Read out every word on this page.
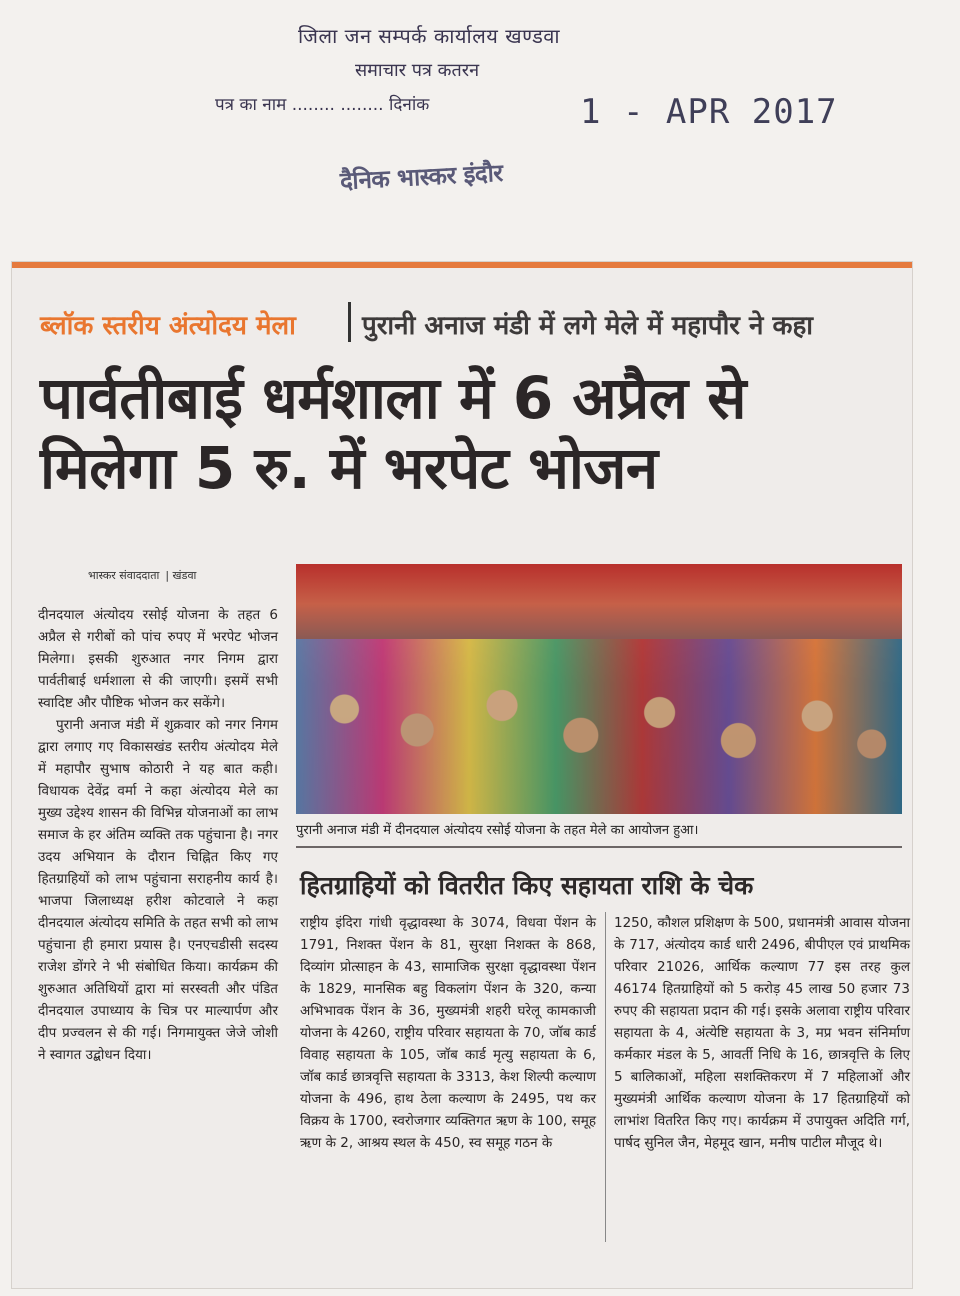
जिला जन सम्पर्क कार्यालय खण्डवा
समाचार पत्र कतरन
पत्र का नाम ........ ........ दिनांक	1 - APR 2017
दैनिक भास्कर इंदौर
ब्लॉक स्तरीय अंत्योदय मेला	पुरानी अनाज मंडी में लगे मेले में महापौर ने कहा
पार्वतीबाई धर्मशाला में 6 अप्रैल से मिलेगा 5 रु. में भरपेट भोजन
भास्कर संवाददाता | खंडवा
पुरानी अनाज मंडी में दीनदयाल अंत्योदय रसोई योजना के तहत मेले का आयोजन हुआ।

दीनदयाल अंत्योदय रसोई योजना के तहत 6 अप्रैल से गरीबों को पांच रुपए में भरपेट भोजन मिलेगा। इसकी शुरुआत नगर निगम द्वारा पार्वतीबाई धर्मशाला से की जाएगी। इसमें सभी स्वादिष्ट और पौष्टिक भोजन कर सकेंगे।

पुरानी अनाज मंडी में शुक्रवार को नगर निगम द्वारा लगाए गए विकासखंड स्तरीय अंत्योदय मेले में महापौर सुभाष कोठारी ने यह बात कही। विधायक देवेंद्र वर्मा ने कहा अंत्योदय मेले का मुख्य उद्देश्य शासन की विभिन्न योजनाओं का लाभ समाज के हर अंतिम व्यक्ति तक पहुंचाना है। नगर उदय अभियान के दौरान चिह्नित किए गए हितग्राहियों को लाभ पहुंचाना सराहनीय कार्य है। भाजपा जिलाध्यक्ष हरीश कोटवाले ने कहा दीनदयाल अंत्योदय समिति के तहत सभी को लाभ पहुंचाना ही हमारा प्रयास है। एनएचडीसी सदस्य राजेश डोंगरे ने भी संबोधित किया। कार्यक्रम की शुरुआत अतिथियों द्वारा मां सरस्वती और पंडित दीनदयाल उपाध्याय के चित्र पर माल्यार्पण और दीप प्रज्वलन से की गई। निगमायुक्त जेजे जोशी ने स्वागत उद्बोधन दिया।

हितग्राहियों को वितरीत किए सहायता राशि के चेक
राष्ट्रीय इंदिरा गांधी वृद्धावस्था के 3074, विधवा पेंशन के 1791, निशक्त पेंशन के 81, सुरक्षा निशक्त के 868, दिव्यांग प्रोत्साहन के 43, सामाजिक सुरक्षा वृद्धावस्था पेंशन के 1829, मानसिक बहु विकलांग पेंशन के 320, कन्या अभिभावक पेंशन के 36, मुख्यमंत्री शहरी घरेलू कामकाजी योजना के 4260, राष्ट्रीय परिवार सहायता के 70, जॉब कार्ड विवाह सहायता के 105, जॉब कार्ड मृत्यु सहायता के 6, जॉब कार्ड छात्रवृत्ति सहायता के 3313, केश शिल्पी कल्याण योजना के 496, हाथ ठेला कल्याण के 2495, पथ कर विक्रय के 1700, स्वरोजगार व्यक्तिगत ऋण के 100, समूह ऋण के 2, आश्रय स्थल के 450, स्व समूह गठन के
1250, कौशल प्रशिक्षण के 500, प्रधानमंत्री आवास योजना के 717, अंत्योदय कार्ड धारी 2496, बीपीएल एवं प्राथमिक परिवार 21026, आर्थिक कल्याण 77 इस तरह कुल 46174 हितग्राहियों को 5 करोड़ 45 लाख 50 हजार 73 रुपए की सहायता प्रदान की गई। इसके अलावा राष्ट्रीय परिवार सहायता के 4, अंत्येष्टि सहायता के 3, मप्र भवन संनिर्माण कर्मकार मंडल के 5, आवर्ती निधि के 16, छात्रवृत्ति के लिए 5 बालिकाओं, महिला सशक्तिकरण में 7 महिलाओं और मुख्यमंत्री आर्थिक कल्याण योजना के 17 हितग्राहियों को लाभांश वितरित किए गए। कार्यक्रम में उपायुक्त अदिति गर्ग, पार्षद सुनिल जैन, मेहमूद खान, मनीष पाटील मौजूद थे।
